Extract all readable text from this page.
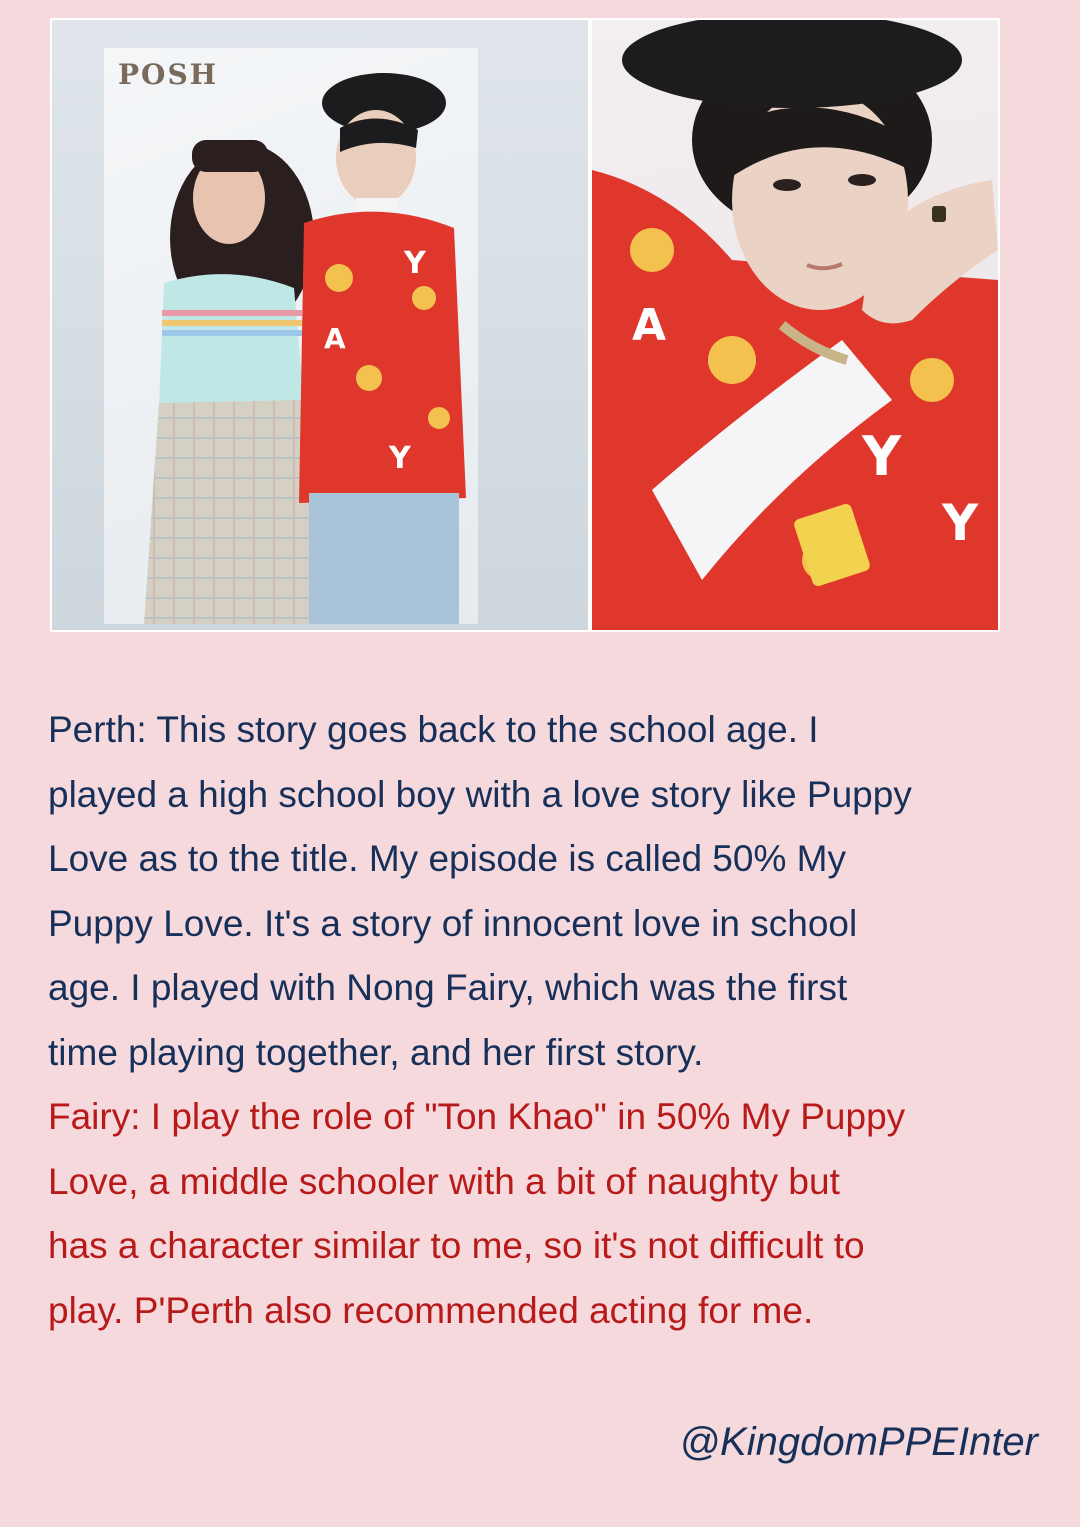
Y
A
Y
POSH
Y
A
Y

Perth: This story goes back to the school age. I
played a high school boy with a love story like Puppy
Love as to the title. My episode is called 50% My
Puppy Love. It's a story of innocent love in school
age. I played with Nong Fairy, which was the first
time playing together, and her first story.

Fairy: I play the role of "Ton Khao" in 50% My Puppy
Love, a middle schooler with a bit of naughty but
has a character similar to me, so it's not difficult to
play. P'Perth also recommended acting for me.

@KingdomPPEInter
